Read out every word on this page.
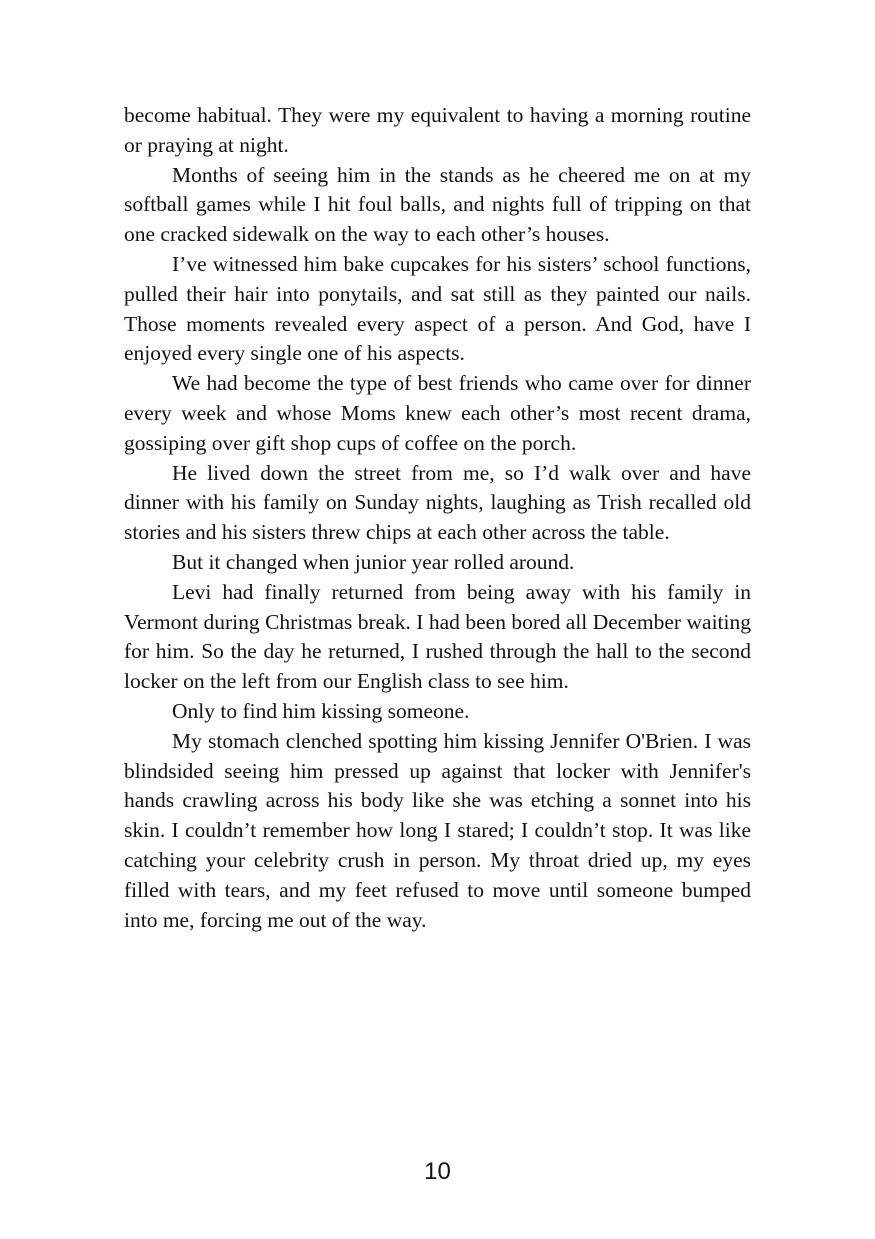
become habitual. They were my equivalent to having a morning routine or praying at night.

Months of seeing him in the stands as he cheered me on at my softball games while I hit foul balls, and nights full of tripping on that one cracked sidewalk on the way to each other’s houses.

I’ve witnessed him bake cupcakes for his sisters’ school functions, pulled their hair into ponytails, and sat still as they painted our nails. Those moments revealed every aspect of a person. And God, have I enjoyed every single one of his aspects.

We had become the type of best friends who came over for dinner every week and whose Moms knew each other’s most recent drama, gossiping over gift shop cups of coffee on the porch.

He lived down the street from me, so I’d walk over and have dinner with his family on Sunday nights, laughing as Trish recalled old stories and his sisters threw chips at each other across the table.

But it changed when junior year rolled around.

Levi had finally returned from being away with his family in Vermont during Christmas break. I had been bored all December waiting for him. So the day he returned, I rushed through the hall to the second locker on the left from our English class to see him.

Only to find him kissing someone.

My stomach clenched spotting him kissing Jennifer O'Brien. I was blindsided seeing him pressed up against that locker with Jennifer's hands crawling across his body like she was etching a sonnet into his skin. I couldn’t remember how long I stared; I couldn’t stop. It was like catching your celebrity crush in person. My throat dried up, my eyes filled with tears, and my feet refused to move until someone bumped into me, forcing me out of the way.

10
